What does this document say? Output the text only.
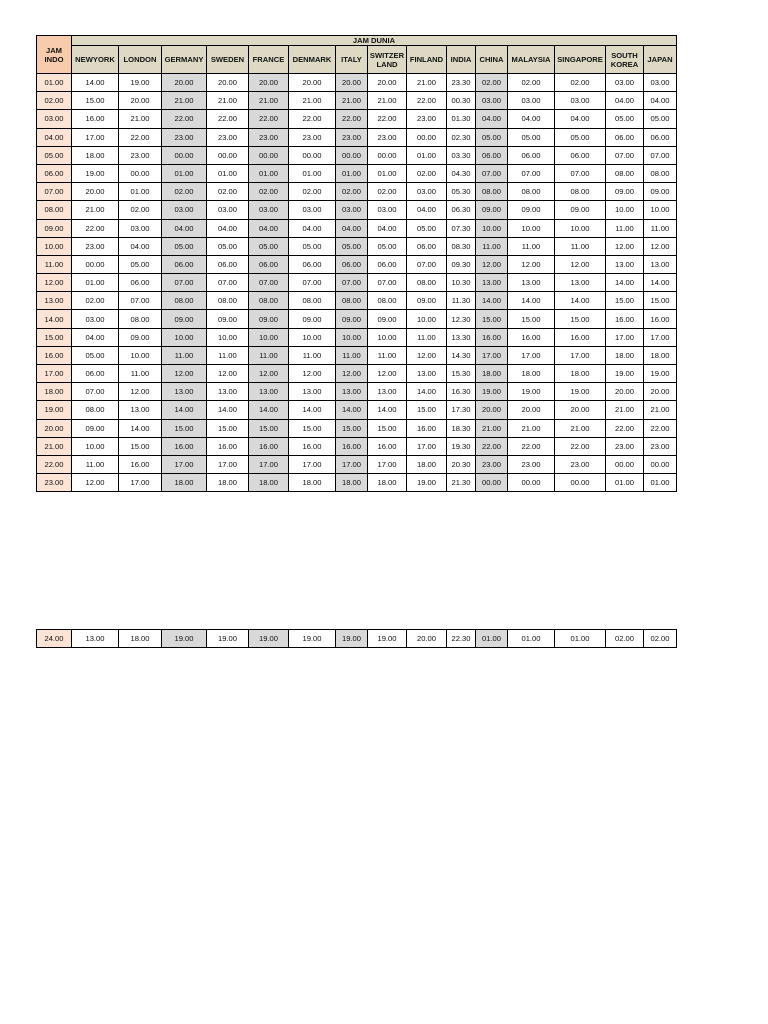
JAM INDO	JAM DUNIA														
	NEWYORK	LONDON	GERMANY	SWEDEN	FRANCE	DENMARK	ITALY	SWITZER LAND	FINLAND	INDIA	CHINA	MALAYSIA	SINGAPORE	SOUTH KOREA	JAPAN
01.00	14.00	19.00	20.00	20.00	20.00	20.00	20.00	20.00	21.00	23.30	02.00	02.00	02.00	03.00	03.00
02.00	15.00	20.00	21.00	21.00	21.00	21.00	21.00	21.00	22.00	00.30	03.00	03.00	03.00	04.00	04.00
03.00	16.00	21.00	22.00	22.00	22.00	22.00	22.00	22.00	23.00	01.30	04.00	04.00	04.00	05.00	05.00
04.00	17.00	22.00	23.00	23.00	23.00	23.00	23.00	23.00	00.00	02.30	05.00	05.00	05.00	06.00	06.00
05.00	18.00	23.00	00.00	00.00	00.00	00.00	00.00	00.00	01.00	03.30	06.00	06.00	06.00	07.00	07.00
06.00	19.00	00.00	01.00	01.00	01.00	01.00	01.00	01.00	02.00	04.30	07.00	07.00	07.00	08.00	08.00
07.00	20.00	01.00	02.00	02.00	02.00	02.00	02.00	02.00	03.00	05.30	08.00	08.00	08.00	09.00	09.00
08.00	21.00	02.00	03.00	03.00	03.00	03.00	03.00	03.00	04.00	06.30	09.00	09.00	09.00	10.00	10.00
09.00	22.00	03.00	04.00	04.00	04.00	04.00	04.00	04.00	05.00	07.30	10.00	10.00	10.00	11.00	11.00
10.00	23.00	04.00	05.00	05.00	05.00	05.00	05.00	05.00	06.00	08.30	11.00	11.00	11.00	12.00	12.00
11.00	00.00	05.00	06.00	06.00	06.00	06.00	06.00	06.00	07.00	09.30	12.00	12.00	12.00	13.00	13.00
12.00	01.00	06.00	07.00	07.00	07.00	07.00	07.00	07.00	08.00	10.30	13.00	13.00	13.00	14.00	14.00
13.00	02.00	07.00	08.00	08.00	08.00	08.00	08.00	08.00	09.00	11.30	14.00	14.00	14.00	15.00	15.00
14.00	03.00	08.00	09.00	09.00	09.00	09.00	09.00	09.00	10.00	12.30	15.00	15.00	15.00	16.00	16.00
15.00	04.00	09.00	10.00	10.00	10.00	10.00	10.00	10.00	11.00	13.30	16.00	16.00	16.00	17.00	17.00
16.00	05.00	10.00	11.00	11.00	11.00	11.00	11.00	11.00	12.00	14.30	17.00	17.00	17.00	18.00	18.00
17.00	06.00	11.00	12.00	12.00	12.00	12.00	12.00	12.00	13.00	15.30	18.00	18.00	18.00	19.00	19.00
18.00	07.00	12.00	13.00	13.00	13.00	13.00	13.00	13.00	14.00	16.30	19.00	19.00	19.00	20.00	20.00
19.00	08.00	13.00	14.00	14.00	14.00	14.00	14.00	14.00	15.00	17.30	20.00	20.00	20.00	21.00	21.00
20.00	09.00	14.00	15.00	15.00	15.00	15.00	15.00	15.00	16.00	18.30	21.00	21.00	21.00	22.00	22.00
21.00	10.00	15.00	16.00	16.00	16.00	16.00	16.00	16.00	17.00	19.30	22.00	22.00	22.00	23.00	23.00
22.00	11.00	16.00	17.00	17.00	17.00	17.00	17.00	17.00	18.00	20.30	23.00	23.00	23.00	00.00	00.00
23.00	12.00	17.00	18.00	18.00	18.00	18.00	18.00	18.00	19.00	21.30	00.00	00.00	00.00	01.00	01.00
24.00	13.00	18.00	19.00	19.00	19.00	19.00	19.00	19.00	20.00	22.30	01.00	01.00	01.00	02.00	02.00
